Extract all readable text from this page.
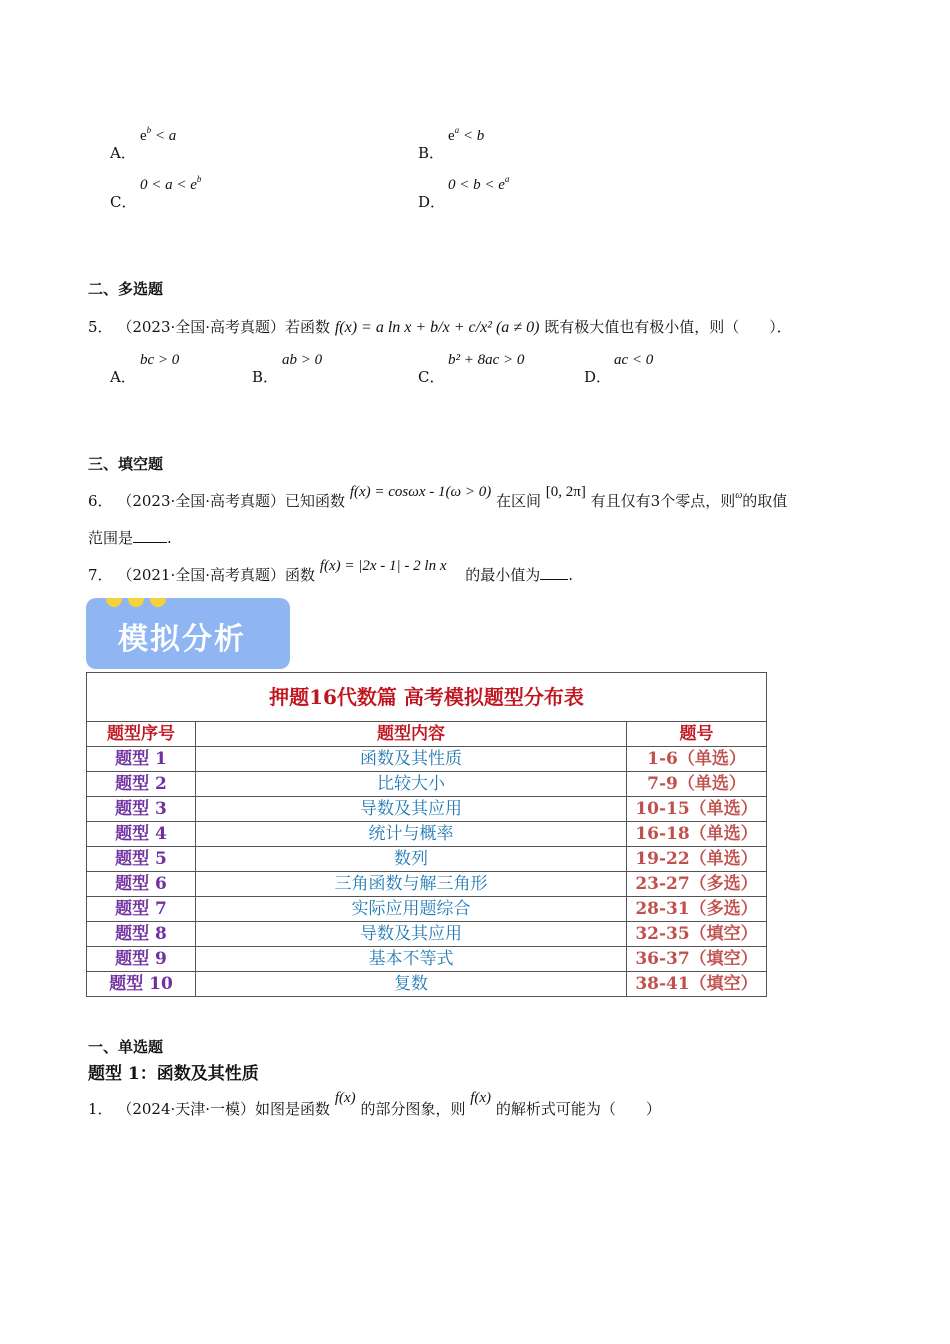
A．
$e^b < a$
B．
$e^a < b$
C．
$0 < a < e^b$
D．
$0 < b < e^a$
二、多选题
5． （2023·全国·高考真题）若函数 f(x) = a ln x + b/x + c/x² (a ≠ 0) 既有极大值也有极小值，则（　　）．
A．
bc > 0
B．
ab > 0
C．
b² + 8ac > 0
D．
ac < 0
三、填空题
6． （2023·全国·高考真题）已知函数 f(x) = cosωx - 1(ω > 0) 在区间 [0, 2π] 有且仅有3个零点，则$^\omega$的取值
范围是 .
7． （2021·全国·高考真题）函数 f(x) = |2x - 1| - 2 ln x 的最小值为 .
模拟分析
押题16代数篇 高考模拟题型分布表		
题型序号	题型内容	题号
题型 1	函数及其性质	1-6（单选）
题型 2	比较大小	7-9（单选）
题型 3	导数及其应用	10-15（单选）
题型 4	统计与概率	16-18（单选）
题型 5	数列	19-22（单选）
题型 6	三角函数与解三角形	23-27（多选）
题型 7	实际应用题综合	28-31（多选）
题型 8	导数及其应用	32-35（填空）
题型 9	基本不等式	36-37（填空）
题型 10	复数	38-41（填空）
一、单选题
题型 1：函数及其性质
1． （2024·天津·一模）如图是函数 f(x) 的部分图象，则 f(x) 的解析式可能为（　　）
